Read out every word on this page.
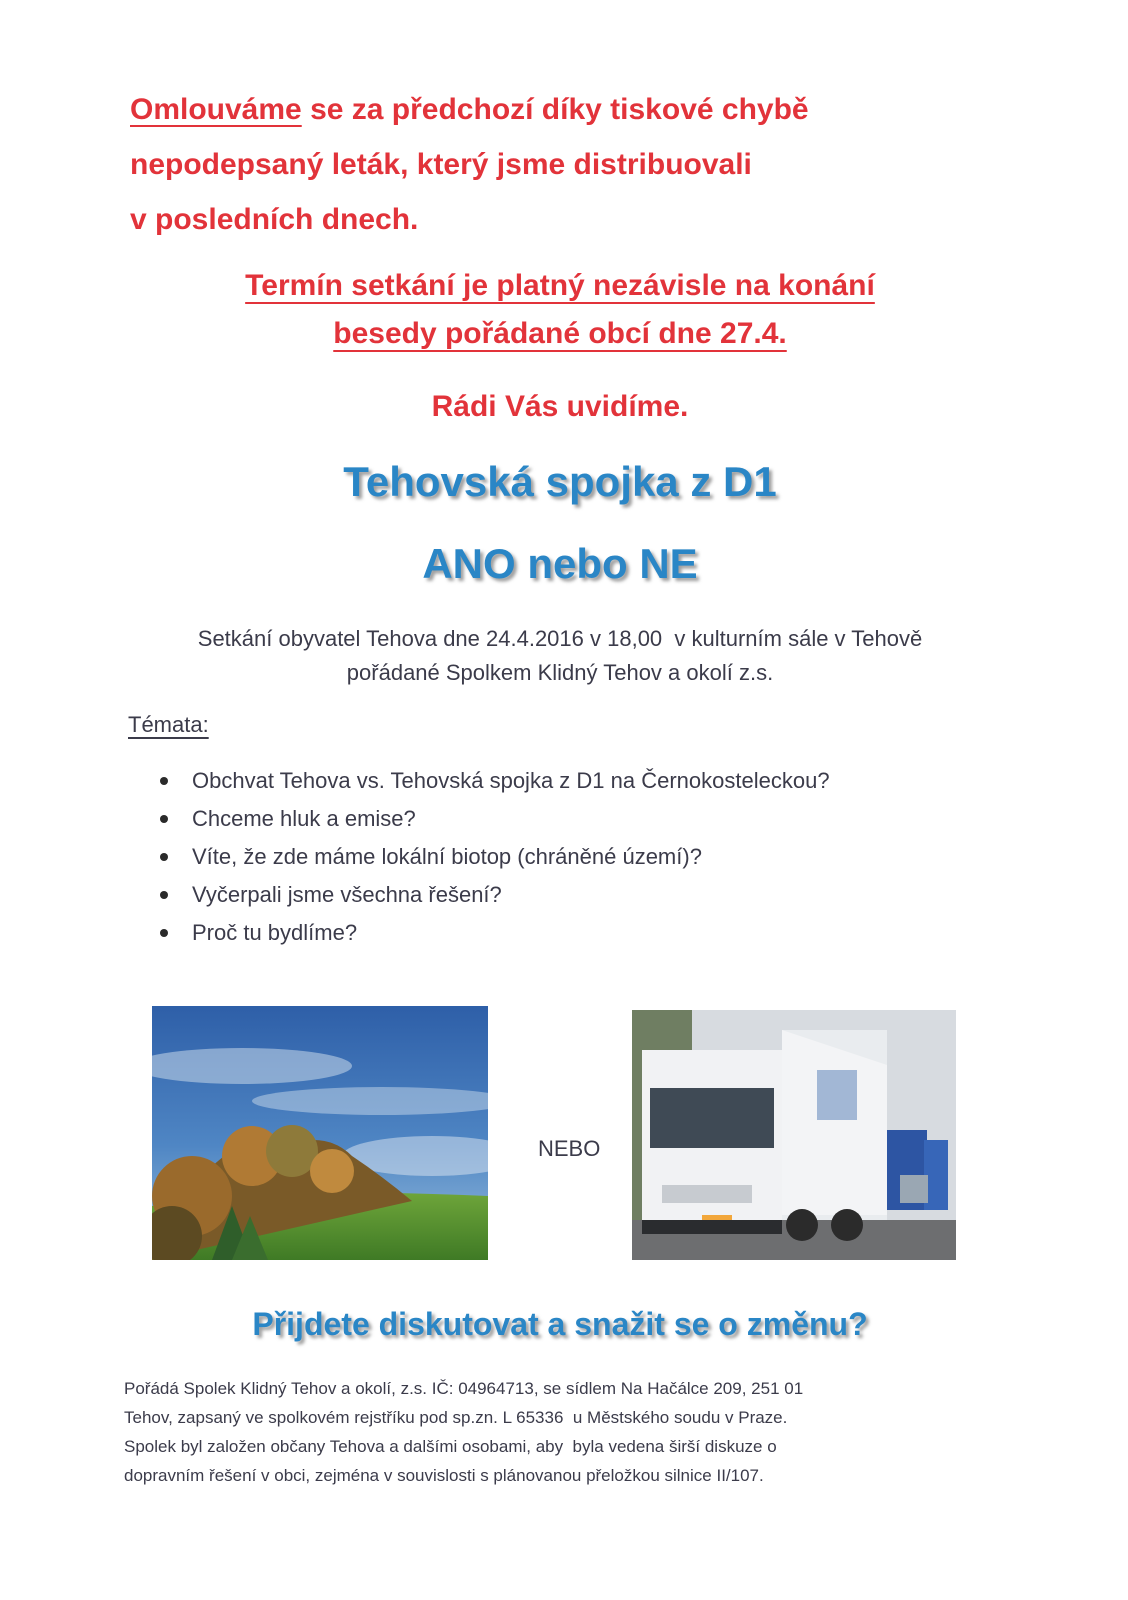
Omlouváme se za předchozí díky tiskové chybě
nepodepsaný leták, který jsme distribuovali
v posledních dnech.
Termín setkání je platný nezávisle na konání
besedy pořádané obcí dne 27.4.
Rádi Vás uvidíme.
Tehovská spojka z D1
ANO nebo NE
Setkání obyvatel Tehova dne 24.4.2016 v 18,00  v kulturním sále v Tehově
pořádané Spolkem Klidný Tehov a okolí z.s.
Témata:
Obchvat Tehova vs. Tehovská spojka z D1 na Černokosteleckou?
Chceme hluk a emise?
Víte, že zde máme lokální biotop (chráněné území)?
Vyčerpali jsme všechna řešení?
Proč tu bydlíme?
NEBO
Přijdete diskutovat a snažit se o změnu?
Pořádá Spolek Klidný Tehov a okolí, z.s. IČ: 04964713, se sídlem Na Hačálce 209, 251 01
Tehov, zapsaný ve spolkovém rejstříku pod sp.zn. L 65336  u Městského soudu v Praze.
Spolek byl založen občany Tehova a dalšími osobami, aby  byla vedena širší diskuze o
dopravním řešení v obci, zejména v souvislosti s plánovanou přeložkou silnice II/107.
